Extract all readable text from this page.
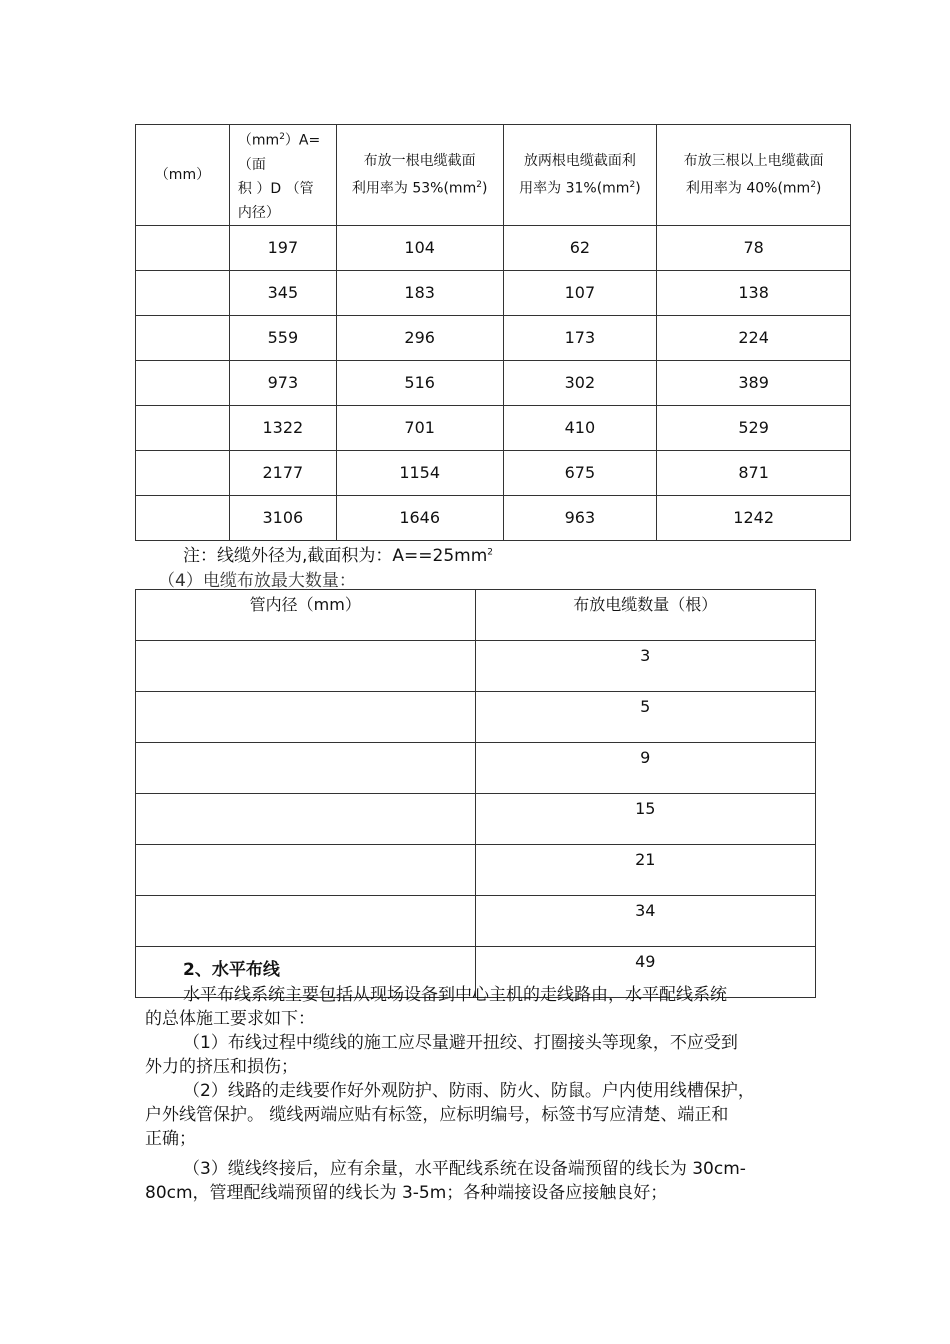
（mm）	$(mm^2)A=$（面
积 ）D （管
内径）	布放一根电缆截面
利用率为 $53\%(mm^2)$	放两根电缆截面利
用率为 $31\%(mm^2)$	布放三根以上电缆截面
利用率为 $40\%(mm^2)$
	197	104	62	78
	345	183	107	138
	559	296	173	224
	973	516	302	389
	1322	701	410	529
	2177	1154	675	871
	3106	1646	963	1242
注：线缆外径为,截面积为：$A==25mm^2$
（4）电缆布放最大数量：
管内径（mm）	布放电缆数量（根）
	3
	5
	9
	15
	21
	34
	49
2、水平布线
水平布线系统主要包括从现场设备到中心主机的走线路由，水平配线系统
的总体施工要求如下：
（1）布线过程中缆线的施工应尽量避开扭绞、打圈接头等现象，不应受到
外力的挤压和损伤；
（2）线路的走线要作好外观防护、防雨、防火、防鼠。户内使用线槽保护，
户外线管保护。 缆线两端应贴有标签，应标明编号，标签书写应清楚、端正和
正确；
（3）缆线终接后，应有余量，水平配线系统在设备端预留的线长为 30cm-
80cm，管理配线端预留的线长为 3-5m；各种端接设备应接触良好；
